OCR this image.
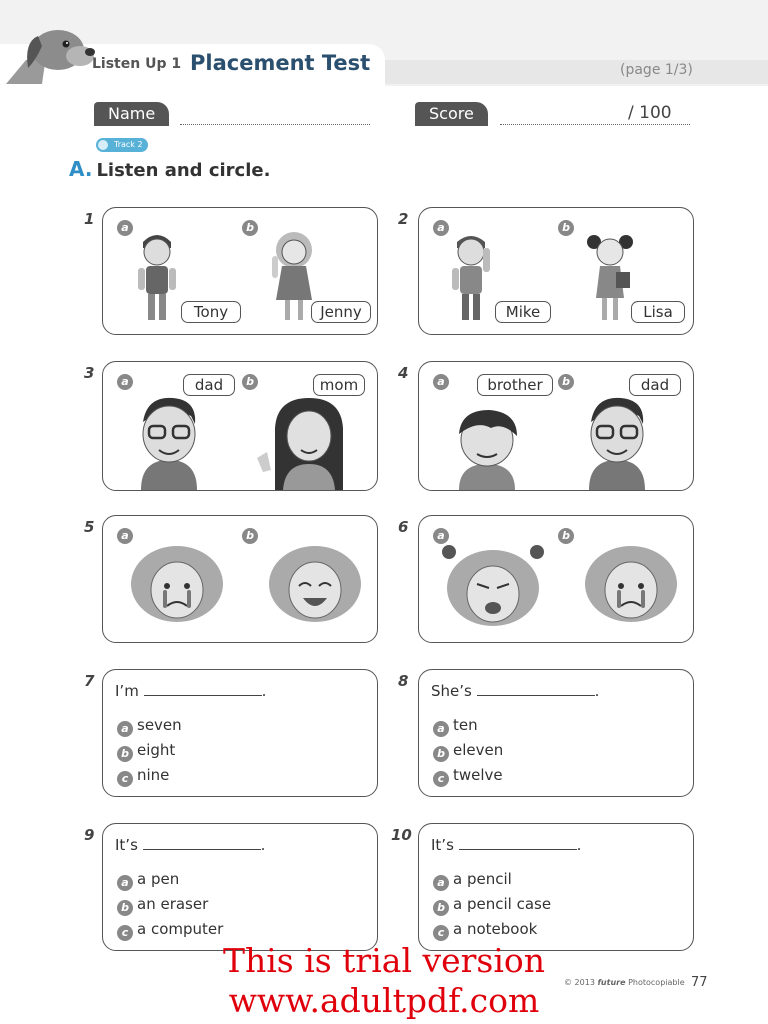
Listen Up 1 Placement Test	(page 1/3)
Name	Score	/ 100
Track 2
A. Listen and circle.
1	a	b
Tony	Jenny
2	a	b
Mike	Lisa
3	a	b
dad	mom
4	a	b
brother	dad
5	a	b	6	a	b
7
I’m	.
a seven
b eight
c nine
8
She’s	.
a ten
b eleven
c twelve
9
It’s	.
a a pen
b an eraser
c a computer
10
It’s	.
a a pencil
b a pencil case
c a notebook
© 2013 future Photocopiable 77
This is trial version
www.adultpdf.com
